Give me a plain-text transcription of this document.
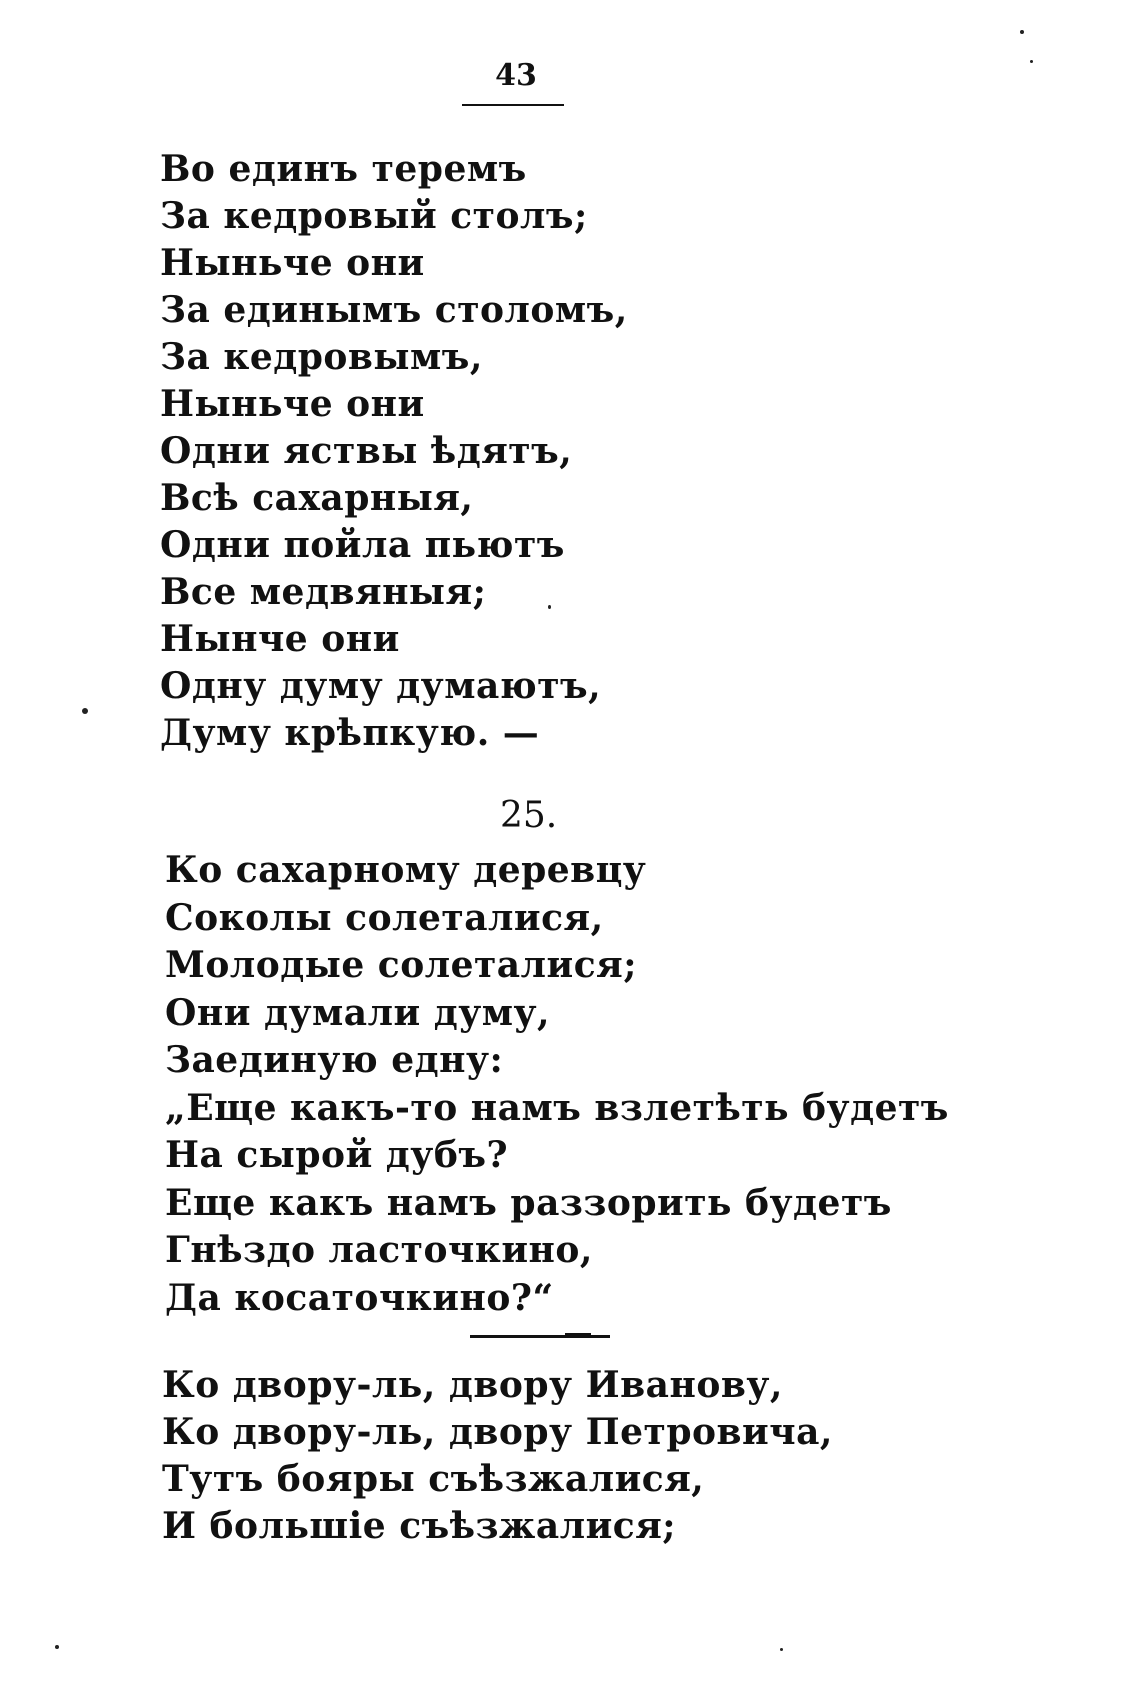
43
Во единъ теремъ
За кедровый столъ;
Ныньче они
За единымъ столомъ,
За кедровымъ,
Ныньче они
Одни яствы ѣдятъ,
Всѣ сахарныя,
Одни пойла пьютъ
Все медвяныя;
Нынче они
Одну думу думаютъ,
Думу крѣпкую. —
25.
Ко сахарному деревцу
Соколы солеталися,
Молодые солеталися;
Они думали думу,
Заединую едну:
„Еще какъ-то намъ взлетѣть будетъ
На сырой дубъ?
Еще какъ намъ раззорить будетъ
Гнѣздо ласточкино,
Да косаточкино?“
Ко двору-ль, двору Иванову,
Ко двору-ль, двору Петровича,
Тутъ бояры съѣзжалися,
И большіе съѣзжалися;
